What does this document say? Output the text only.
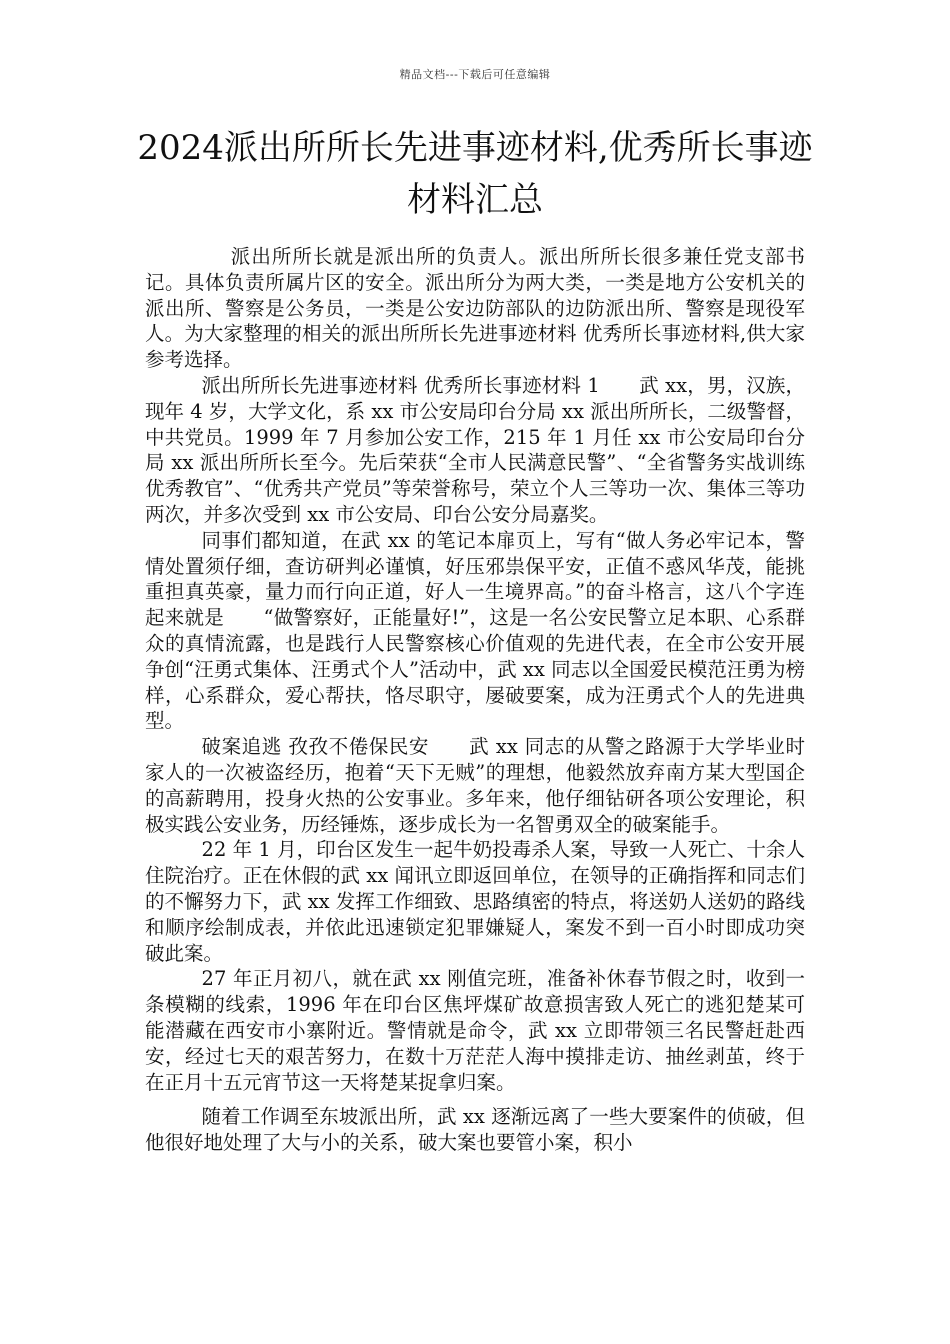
精品文档---下载后可任意编辑
2024派出所所长先进事迹材料,优秀所长事迹材料汇总

派出所所长就是派出所的负责人。派出所所长很多兼任党支部书记。具体负责所属片区的安全。派出所分为两大类，一类是地方公安机关的派出所、警察是公务员，一类是公安边防部队的边防派出所、警察是现役军人。为大家整理的相关的派出所所长先进事迹材料 优秀所长事迹材料,供大家参考选择。

派出所所长先进事迹材料 优秀所长事迹材料 1　　武 xx，男，汉族，现年 4 岁，大学文化，系 xx 市公安局印台分局 xx 派出所所长，二级警督，中共党员。1999 年 7 月参加公安工作，215 年 1 月任 xx 市公安局印台分局 xx 派出所所长至今。先后荣获“全市人民满意民警”、“全省警务实战训练优秀教官”、“优秀共产党员”等荣誉称号，荣立个人三等功一次、集体三等功两次，并多次受到 xx 市公安局、印台公安分局嘉奖。

同事们都知道，在武 xx 的笔记本扉页上，写有“做人务必牢记本，警情处置须仔细，查访研判必谨慎，好压邪祟保平安，正值不惑风华茂，能挑重担真英豪，量力而行向正道，好人一生境界高。”的奋斗格言，这八个字连起来就是　　“做警察好，正能量好!”，这是一名公安民警立足本职、心系群众的真情流露，也是践行人民警察核心价值观的先进代表，在全市公安开展争创“汪勇式集体、汪勇式个人”活动中，武 xx 同志以全国爱民模范汪勇为榜样，心系群众，爱心帮扶，恪尽职守，屡破要案，成为汪勇式个人的先进典型。

破案追逃 孜孜不倦保民安　　武 xx 同志的从警之路源于大学毕业时家人的一次被盗经历，抱着“天下无贼”的理想，他毅然放弃南方某大型国企的高薪聘用，投身火热的公安事业。多年来，他仔细钻研各项公安理论，积极实践公安业务，历经锤炼，逐步成长为一名智勇双全的破案能手。

22 年 1 月，印台区发生一起牛奶投毒杀人案，导致一人死亡、十余人住院治疗。正在休假的武 xx 闻讯立即返回单位，在领导的正确指挥和同志们的不懈努力下，武 xx 发挥工作细致、思路缜密的特点，将送奶人送奶的路线和顺序绘制成表，并依此迅速锁定犯罪嫌疑人，案发不到一百小时即成功突破此案。

27 年正月初八，就在武 xx 刚值完班，准备补休春节假之时，收到一条模糊的线索，1996 年在印台区焦坪煤矿故意损害致人死亡的逃犯楚某可能潜藏在西安市小寨附近。警情就是命令，武 xx 立即带领三名民警赶赴西安，经过七天的艰苦努力，在数十万茫茫人海中摸排走访、抽丝剥茧，终于在正月十五元宵节这一天将楚某捉拿归案。

随着工作调至东坡派出所，武 xx 逐渐远离了一些大要案件的侦破，但他很好地处理了大与小的关系，破大案也要管小案，积小
